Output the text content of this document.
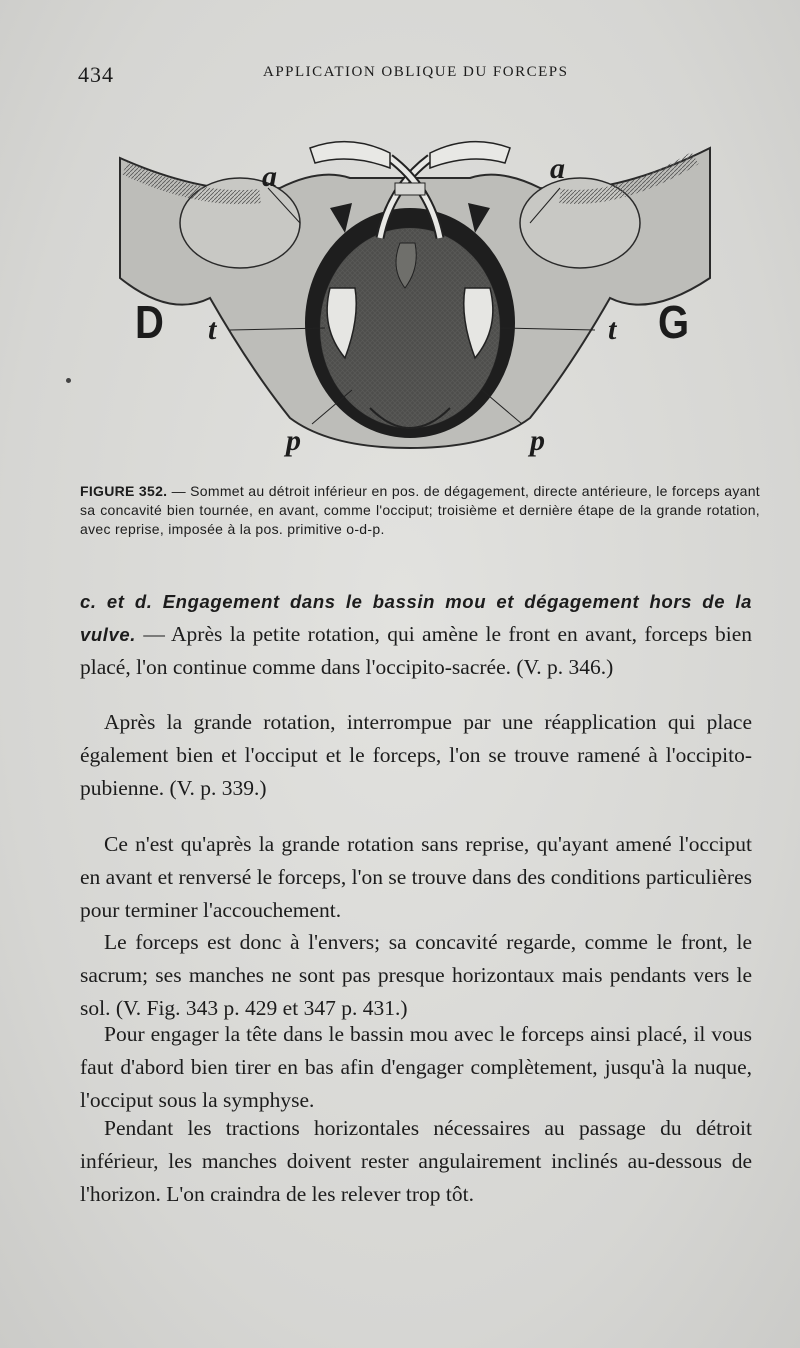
434	APPLICATION OBLIQUE DU FORCEPS
a	a
t	t
p	p
D	G
FIGURE 352. — Sommet au détroit inférieur en pos. de dégagement, directe antérieure, le forceps ayant sa concavité bien tournée, en avant, comme l'occiput; troisième et dernière étape de la grande rotation, avec reprise, imposée à la pos. primitive o-d-p.
c. et d. Engagement dans le bassin mou et dégagement hors de la vulve. — Après la petite rotation, qui amène le front en avant, forceps bien placé, l'on continue comme dans l'occipito-sacrée. (V. p. 346.)
Après la grande rotation, interrompue par une réapplication qui place également bien et l'occiput et le forceps, l'on se trouve ramené à l'occipito-pubienne. (V. p. 339.)
Ce n'est qu'après la grande rotation sans reprise, qu'ayant amené l'occiput en avant et renversé le forceps, l'on se trouve dans des conditions particulières pour terminer l'accouchement.
Le forceps est donc à l'envers; sa concavité regarde, comme le front, le sacrum; ses manches ne sont pas presque horizontaux mais pendants vers le sol. (V. Fig. 343 p. 429 et 347 p. 431.)
Pour engager la tête dans le bassin mou avec le forceps ainsi placé, il vous faut d'abord bien tirer en bas afin d'engager complètement, jusqu'à la nuque, l'occiput sous la symphyse.
Pendant les tractions horizontales nécessaires au passage du détroit inférieur, les manches doivent rester angulairement inclinés au-dessous de l'horizon. L'on craindra de les relever trop tôt.
